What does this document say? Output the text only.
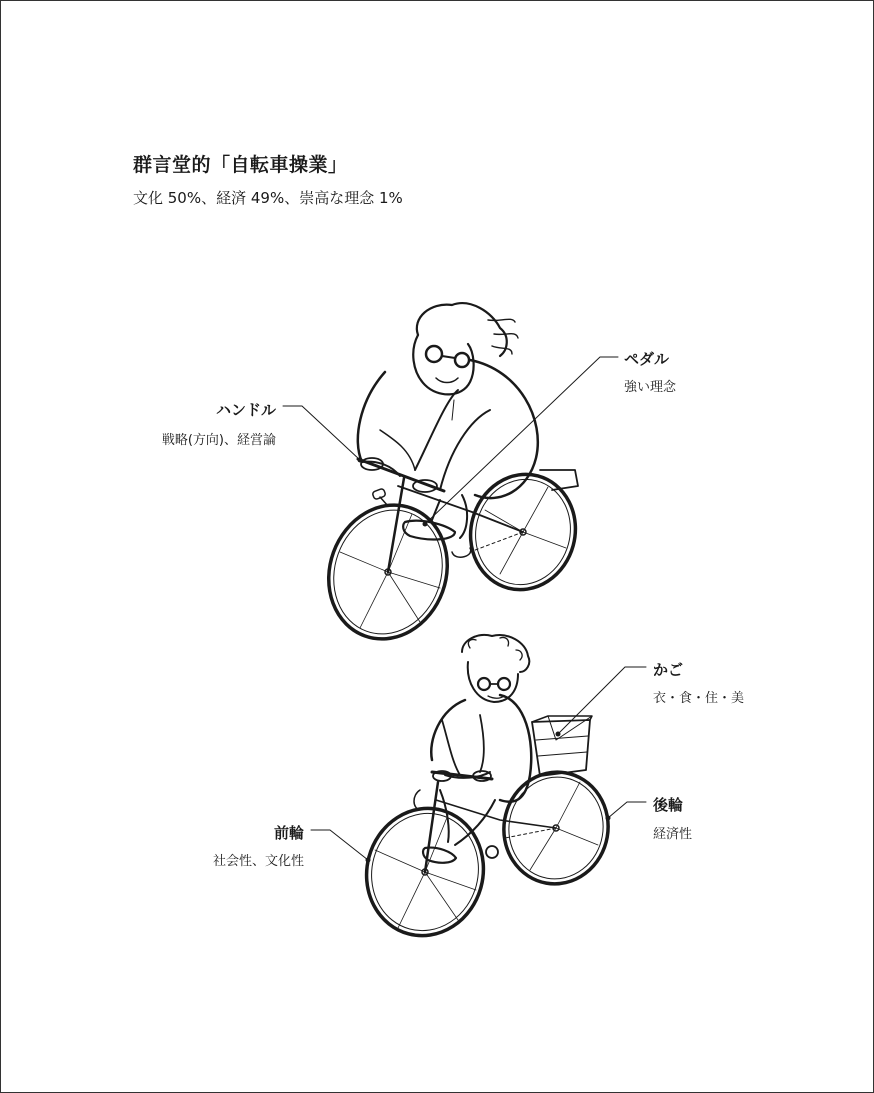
群言堂的「自転車操業」
文化 50%、経済 49%、崇高な理念 1%
ハンドル
戦略(方向)、経営論
ペダル
強い理念
かご
衣・食・住・美
後輪
経済性
前輪
社会性、文化性
